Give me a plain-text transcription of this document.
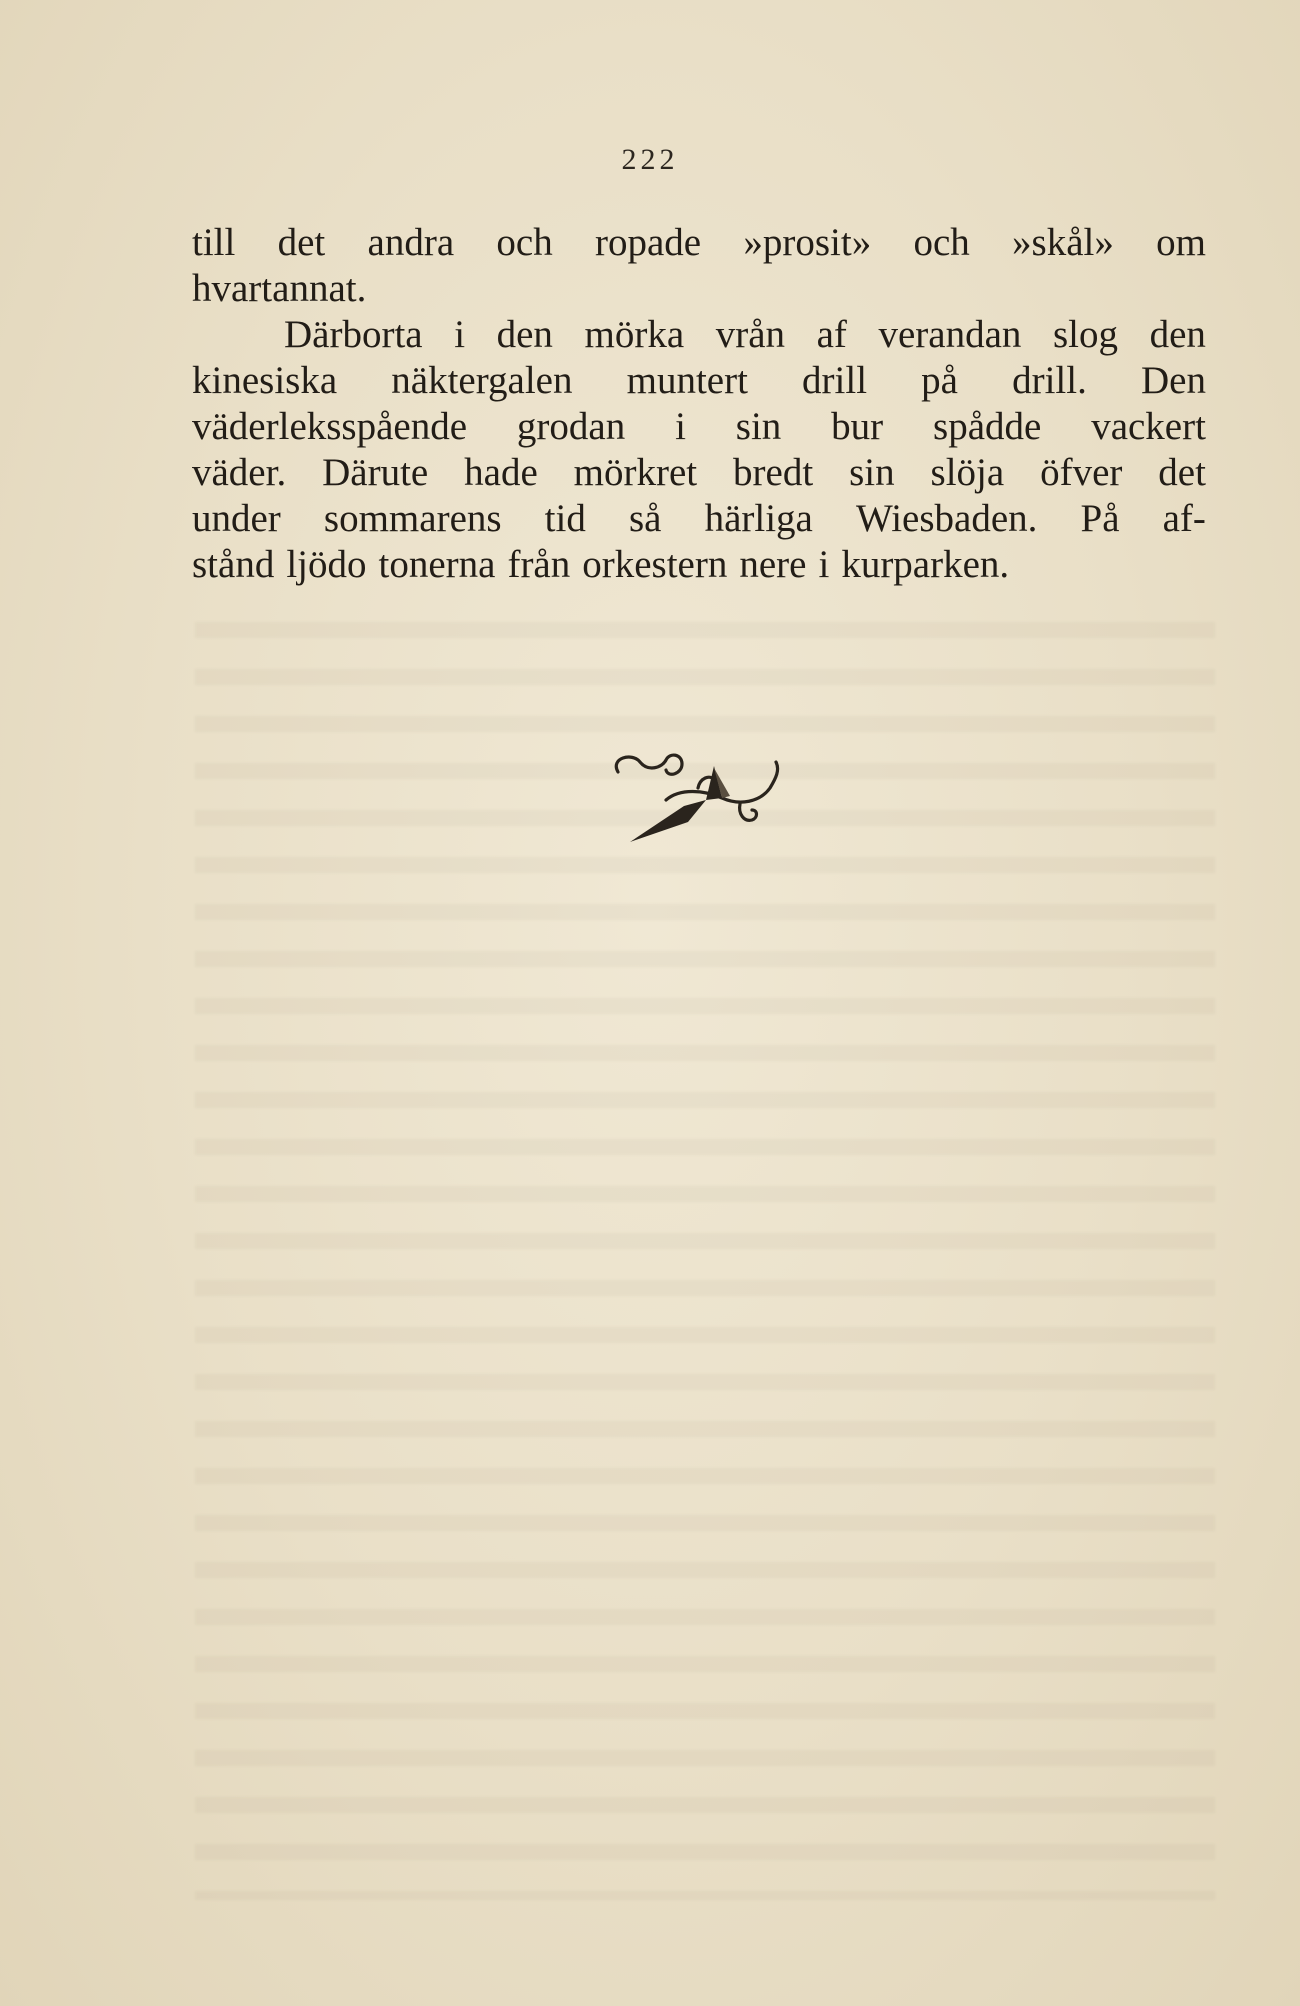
222
till det andra och ropade »prosit» och »skål» om
hvartannat.
Därborta i den mörka vrån af verandan slog den
kinesiska näktergalen muntert drill på drill. Den
väderleksspående grodan i sin bur spådde vackert
väder. Därute hade mörkret bredt sin slöja öfver det
under sommarens tid så härliga Wiesbaden. På af-
stånd ljödo tonerna från orkestern nere i kurparken.
